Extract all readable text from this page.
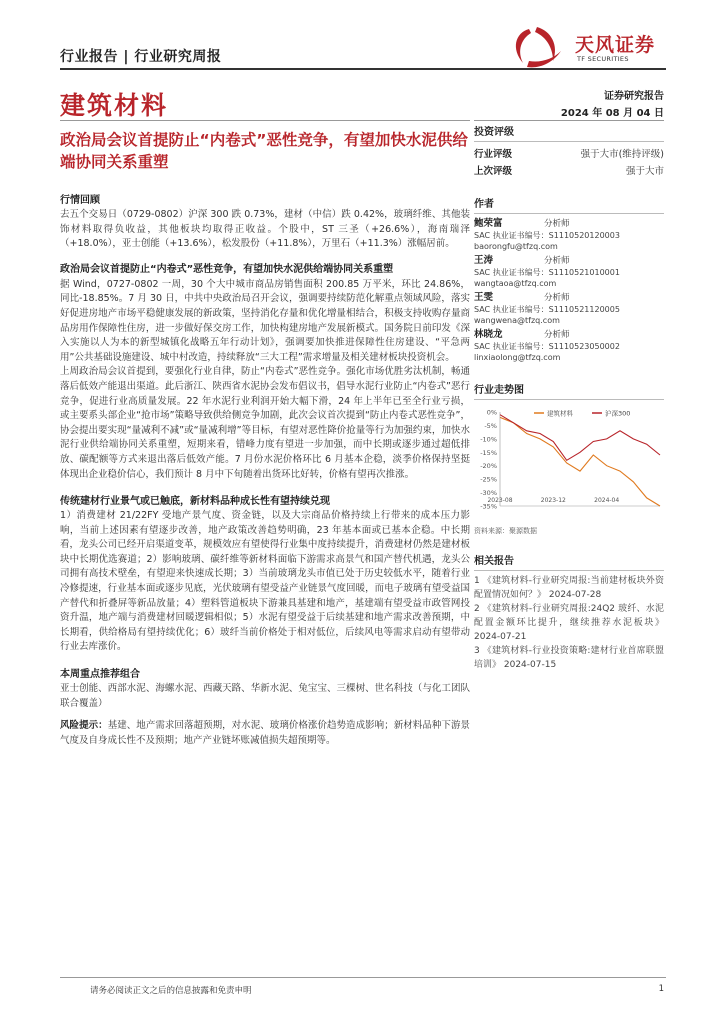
行业报告 | 行业研究周报
天风证券
TF SECURITIES
建筑材料	证券研究报告
2024 年 08 月 04 日
政治局会议首提防止“内卷式”恶性竞争，有望加快水泥供给端协同关系重塑
行情回顾
去五个交易日（0729-0802）沪深 300 跌 0.73%，建材（中信）跌 0.42%，玻璃纤维、其他装饰材料取得负收益，其他板块均取得正收益。个股中，ST 三圣（+26.6%），海南瑞泽（+18.0%），亚士创能（+13.6%），松发股份（+11.8%），万里石（+11.3%）涨幅居前。
政治局会议首提防止“内卷式”恶性竞争，有望加快水泥供给端协同关系重塑
据 Wind，0727-0802 一周，30 个大中城市商品房销售面积 200.85 万平米，环比 24.86%，同比-18.85%。7 月 30 日，中共中央政治局召开会议，强调要持续防范化解重点领域风险，落实好促进房地产市场平稳健康发展的新政策，坚持消化存量和优化增量相结合，积极支持收购存量商品房用作保障性住房，进一步做好保交房工作，加快构建房地产发展新模式。国务院日前印发《深入实施以人为本的新型城镇化战略五年行动计划》，强调要加快推进保障性住房建设、“平急两用”公共基础设施建设、城中村改造，持续释放“三大工程”需求增量及相关建材板块投资机会。
上周政治局会议首提到，要强化行业自律，防止“内卷式”恶性竞争。强化市场优胜劣汰机制，畅通落后低效产能退出渠道。此后浙江、陕西省水泥协会发布倡议书，倡导水泥行业防止“内卷式”恶行竞争，促进行业高质量发展。22 年水泥行业利润开始大幅下滑，24 年上半年已至全行业亏损，或主要系头部企业“抢市场”策略导致供给侧竞争加剧，此次会议首次提到“防止内卷式恶性竞争”，协会提出要实现“量减利不减”或“量减利增”等目标，有望对恶性降价抢量等行为加强约束，加快水泥行业供给端协同关系重塑，短期来看，错峰力度有望进一步加强，而中长期或逐步通过超低排放、碳配额等方式来退出落后低效产能。7 月份水泥价格环比 6 月基本企稳，淡季价格保持坚挺体现出企业稳价信心，我们预计 8 月中下旬随着出货环比好转，价格有望再次推涨。
传统建材行业景气或已触底，新材料品种成长性有望持续兑现
1）消费建材 21/22FY 受地产景气度、资金链，以及大宗商品价格持续上行带来的成本压力影响，当前上述因素有望逐步改善，地产政策改善趋势明确，23 年基本面或已基本企稳。中长期看，龙头公司已经开启渠道变革，规模效应有望使得行业集中度持续提升，消费建材仍然是建材板块中长期优选赛道；2）影响玻璃、碳纤维等新材料面临下游需求高景气和国产替代机遇，龙头公司拥有高技术壁垒，有望迎来快速成长期；3）当前玻璃龙头市值已处于历史较低水平，随着行业冷修提速，行业基本面或逐步见底，光伏玻璃有望受益产业链景气度回暖，而电子玻璃有望受益国产替代和折叠屏等新品放量；4）塑料管道板块下游兼具基建和地产，基建端有望受益市政管网投资升温，地产端与消费建材回暖逻辑相似；5）水泥有望受益于后续基建和地产需求改善预期，中长期看，供给格局有望持续优化；6）玻纤当前价格处于相对低位，后续风电等需求启动有望带动行业去库涨价。
本周重点推荐组合
亚士创能、西部水泥、海螺水泥、西藏天路、华新水泥、兔宝宝、三棵树、世名科技（与化工团队联合覆盖）
风险提示：基建、地产需求回落超预期，对水泥、玻璃价格涨价趋势造成影响；新材料品种下游景气度及自身成长性不及预期；地产产业链坏账减值损失超预期等。
投资评级
行业评级	强于大市(维持评级)
上次评级	强于大市
作者
鲍荣富	分析师
SAC 执业证书编号：S1110520120003
baorongfu@tfzq.com
王涛	分析师
SAC 执业证书编号：S1110521010001
wangtaoa@tfzq.com
王雯	分析师
SAC 执业证书编号：S1110521120005
wangwena@tfzq.com
林晓龙	分析师
SAC 执业证书编号：S1110523050002
linxiaolong@tfzq.com
行业走势图
0%
-5%
-10%
-15%
-20%
-25%
-30%
-35%
2023-08	2023-12	2024-04
建筑材料	沪深300
资料来源：聚源数据
相关报告
1 《建筑材料-行业研究周报:当前建材板块外资配置情况如何？》 2024-07-28
2 《建筑材料-行业研究周报:24Q2 玻纤、水泥配置金额环比提升，继续推荐水泥板块》 2024-07-21
3 《建筑材料-行业投资策略:建材行业首席联盟培训》 2024-07-15
请务必阅读正文之后的信息披露和免责申明	1
